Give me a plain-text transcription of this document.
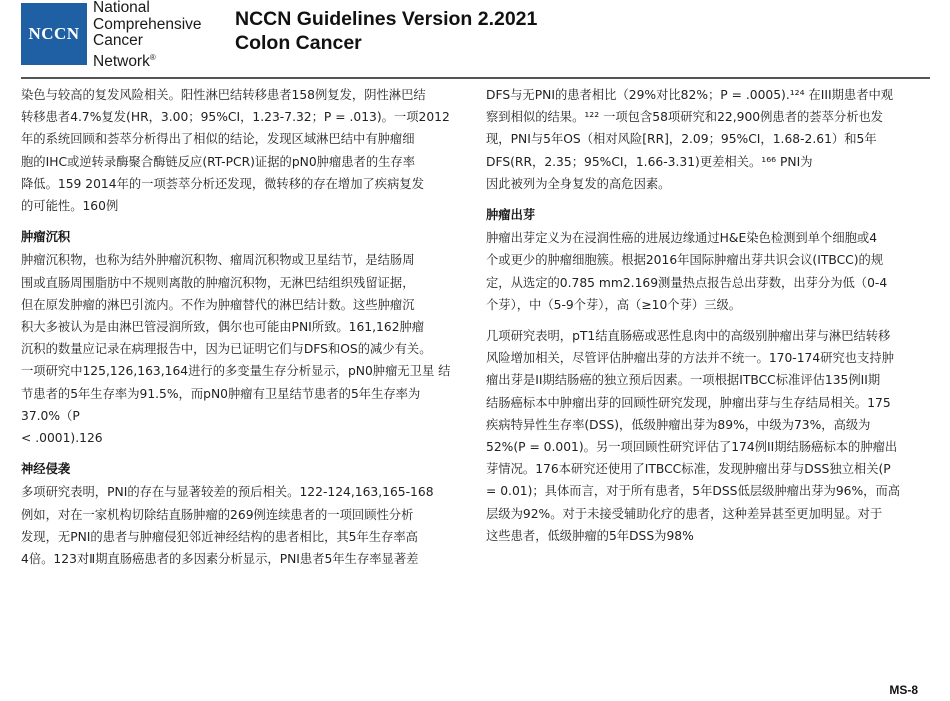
NCCN
National
Comprehensive
Cancer
Network®
NCCN Guidelines Version 2.2021
Colon Cancer

染色与较高的复发风险相关。阳性淋巴结转移患者158例复发，阴性淋巴结

转移患者4.7%复发(HR，3.00；95%CI，1.23-7.32；P = .013)。一项2012

年的系统回顾和荟萃分析得出了相似的结论，发现区域淋巴结中有肿瘤细

胞的IHC或逆转录酶聚合酶链反应(RT-PCR)证据的pN0肿瘤患者的生存率

降低。159 2014年的一项荟萃分析还发现，微转移的存在增加了疾病复发

的可能性。160例

肿瘤沉积

肿瘤沉积物，也称为结外肿瘤沉积物、瘤周沉积物或卫星结节，是结肠周

围或直肠周围脂肪中不规则离散的肿瘤沉积物，无淋巴结组织残留证据，

但在原发肿瘤的淋巴引流内。不作为肿瘤替代的淋巴结计数。这些肿瘤沉

积大多被认为是由淋巴管浸润所致，偶尔也可能由PNI所致。161,162肿瘤

沉积的数量应记录在病理报告中，因为已证明它们与DFS和OS的减少有关。

一项研究中125,126,163,164进行的多变量生存分析显示，pN0肿瘤无卫星 结

节患者的5年生存率为91.5%，而pN0肿瘤有卫星结节患者的5年生存率为

37.0%（P

< .0001).126

神经侵袭

多项研究表明，PNI的存在与显著较差的预后相关。122-124,163,165-168

例如，对在一家机构切除结直肠肿瘤的269例连续患者的一项回顾性分析

发现，无PNI的患者与肿瘤侵犯邻近神经结构的患者相比，其5年生存率高

4倍。123对Ⅱ期直肠癌患者的多因素分析显示，PNI患者5年生存率显著差

DFS与无PNI的患者相比（29%对比82%；P = .0005).¹²⁴ 在III期患者中观

察到相似的结果。¹²² 一项包含58项研究和22,900例患者的荟萃分析也发

现，PNI与5年OS（相对风险[RR]，2.09；95%CI，1.68-2.61）和5年

DFS(RR，2.35；95%CI，1.66-3.31)更差相关。¹⁶⁶ PNI为

因此被列为全身复发的高危因素。

肿瘤出芽

肿瘤出芽定义为在浸润性癌的进展边缘通过H&E染色检测到单个细胞或4

个或更少的肿瘤细胞簇。根据2016年国际肿瘤出芽共识会议(ITBCC)的规

定，从选定的0.785 mm2.169测量热点报告总出芽数，出芽分为低（0-4

个芽），中（5-9个芽），高（≥10个芽）三级。

几项研究表明，pT1结直肠癌或恶性息肉中的高级别肿瘤出芽与淋巴结转移

风险增加相关，尽管评估肿瘤出芽的方法并不统一。170-174研究也支持肿

瘤出芽是II期结肠癌的独立预后因素。一项根据ITBCC标准评估135例II期

结肠癌标本中肿瘤出芽的回顾性研究发现，肿瘤出芽与生存结局相关。175

疾病特异性生存率(DSS)，低级肿瘤出芽为89%，中级为73%，高级为

52%(P = 0.001)。另一项回顾性研究评估了174例II期结肠癌标本的肿瘤出

芽情况。176本研究还使用了ITBCC标准，发现肿瘤出芽与DSS独立相关(P

= 0.01)；具体而言，对于所有患者，5年DSS低层级肿瘤出芽为96%，而高

层级为92%。对于未接受辅助化疗的患者，这种差异甚至更加明显。对于

这些患者，低级肿瘤的5年DSS为98%

MS-8
